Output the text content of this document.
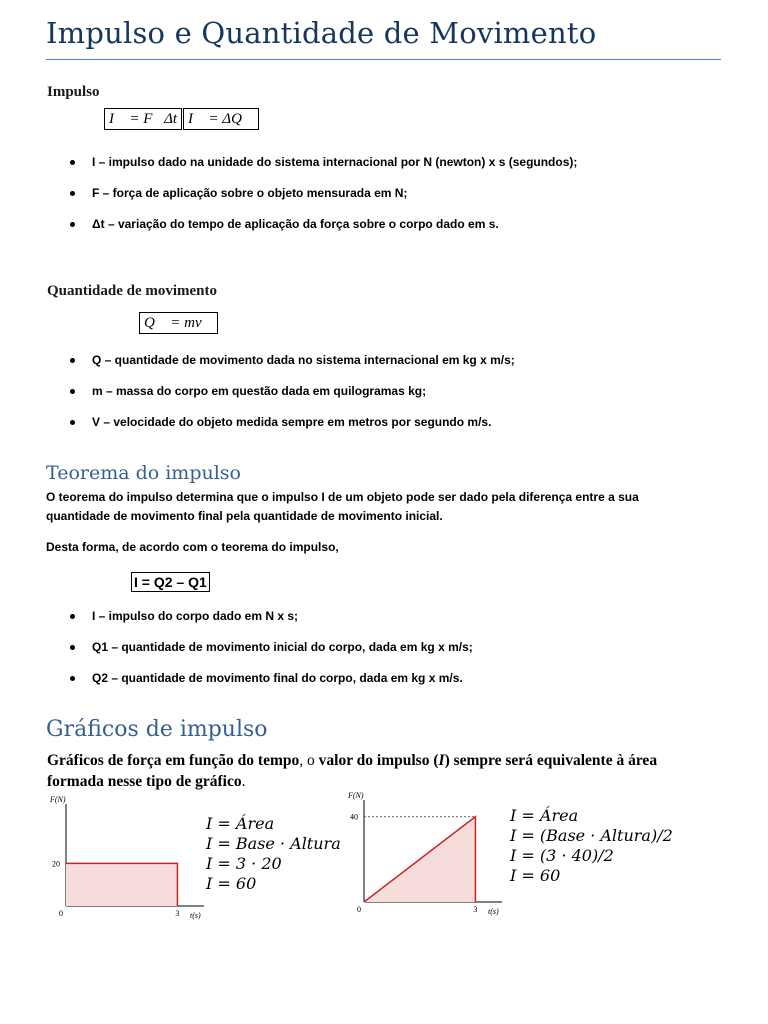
Impulso e Quantidade de Movimento
Impulso
I⃗ = F⃗Δt I⃗ = ΔQ⃗
I – impulso dado na unidade do sistema internacional por N (newton) x s (segundos);
F – força de aplicação sobre o objeto mensurada em N;
Δt – variação do tempo de aplicação da força sobre o corpo dado em s.
Quantidade de movimento
Q⃗ = mv⃗
Q – quantidade de movimento dada no sistema internacional em kg x m/s;
m – massa do corpo em questão dada em quilogramas kg;
V – velocidade do objeto medida sempre em metros por segundo m/s.
Teorema do impulso
O teorema do impulso determina que o impulso I de um objeto pode ser dado pela diferença entre a sua quantidade de movimento final pela quantidade de movimento inicial.
Desta forma, de acordo com o teorema do impulso,
I = Q2 – Q1
I – impulso do corpo dado em N x s;
Q1 – quantidade de movimento inicial do corpo, dada em kg x m/s;
Q2 – quantidade de movimento final do corpo, dada em kg x m/s.
Gráficos de impulso
Gráficos de força em função do tempo, o valor do impulso (I) sempre será equivalente à área formada nesse tipo de gráfico.
F(N)
t(s)
0
20
3
I = Área
I = Base · Altura
I = 3 · 20
I = 60
F(N)
t(s)
0
40
3
I = Área
I = (Base · Altura)/2
I = (3 · 40)/2
I = 60
